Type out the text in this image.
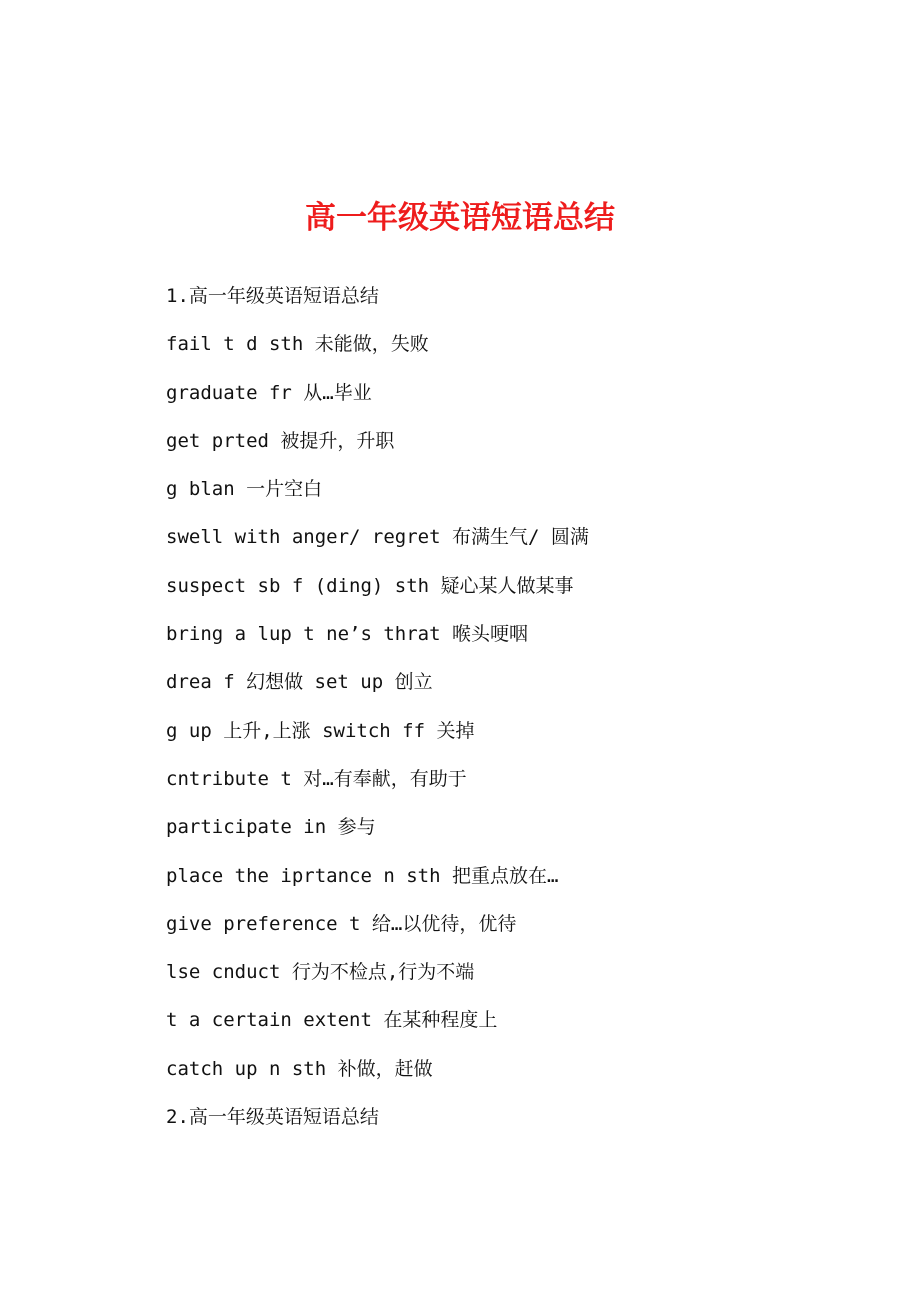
高一年级英语短语总结
1.高一年级英语短语总结
fail t d sth 未能做，失败
graduate fr 从…毕业
get prted 被提升，升职
g blan 一片空白
swell with anger/ regret 布满生气/ 圆满
suspect sb f (ding) sth 疑心某人做某事
bring a lup t ne’s thrat 喉头哽咽
drea f 幻想做 set up 创立
g up 上升,上涨 switch ff 关掉
cntribute t 对…有奉献，有助于
participate in 参与
place the iprtance n sth 把重点放在…
give preference t 给…以优待，优待
lse cnduct 行为不检点,行为不端
t a certain extent 在某种程度上
catch up n sth 补做，赶做
2.高一年级英语短语总结
